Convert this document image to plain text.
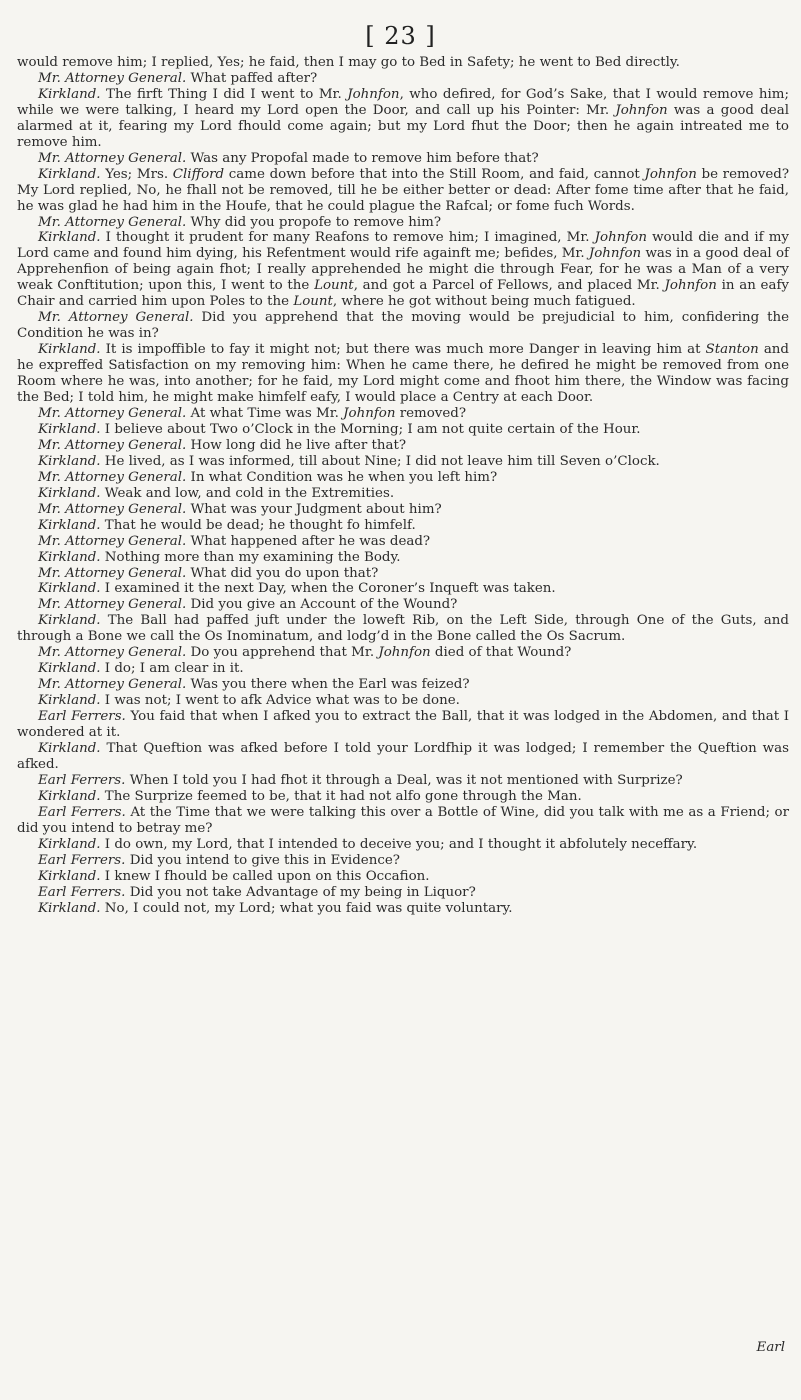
[ 23 ]

would remove him; I replied, Yes; he faid, then I may go to Bed in Safety; he went to Bed directly.

Mr. Attorney General. What paffed after?

Kirkland. The firft Thing I did I went to Mr. Johnfon, who defired, for God’s Sake, that I would remove him; while we were talking, I heard my Lord open the Door, and call up his Pointer: Mr. Johnfon was a good deal alarmed at it, fearing my Lord fhould come again; but my Lord fhut the Door; then he again intreated me to remove him.

Mr. Attorney General. Was any Propofal made to remove him before that?

Kirkland. Yes; Mrs. Clifford came down before that into the Still Room, and faid, cannot Johnfon be removed? My Lord replied, No, he fhall not be removed, till he be either better or dead: After fome time after that he faid, he was glad he had him in the Houfe, that he could plague the Rafcal; or fome fuch Words.

Mr. Attorney General. Why did you propofe to remove him?

Kirkland. I thought it prudent for many Reafons to remove him; I imagined, Mr. Johnfon would die and if my Lord came and found him dying, his Refentment would rife againft me; befides, Mr. Johnfon was in a good deal of Apprehenfion of being again fhot; I really apprehended he might die through Fear, for he was a Man of a very weak Conftitution; upon this, I went to the Lount, and got a Parcel of Fellows, and placed Mr. Johnfon in an eafy Chair and carried him upon Poles to the Lount, where he got without being much fatigued.

Mr. Attorney General. Did you apprehend that the moving would be prejudicial to him, confidering the Condition he was in?

Kirkland. It is impoffible to fay it might not; but there was much more Danger in leaving him at Stanton and he expreffed Satisfaction on my removing him: When he came there, he defired he might be removed from one Room where he was, into another; for he faid, my Lord might come and fhoot him there, the Window was facing the Bed; I told him, he might make himfelf eafy, I would place a Centry at each Door.

Mr. Attorney General. At what Time was Mr. Johnfon removed?

Kirkland. I believe about Two o’Clock in the Morning; I am not quite certain of the Hour.

Mr. Attorney General. How long did he live after that?

Kirkland. He lived, as I was informed, till about Nine; I did not leave him till Seven o’Clock.

Mr. Attorney General. In what Condition was he when you left him?

Kirkland. Weak and low, and cold in the Extremities.

Mr. Attorney General. What was your Judgment about him?

Kirkland. That he would be dead; he thought fo himfelf.

Mr. Attorney General. What happened after he was dead?

Kirkland. Nothing more than my examining the Body.

Mr. Attorney General. What did you do upon that?

Kirkland. I examined it the next Day, when the Coroner’s Inqueft was taken.

Mr. Attorney General. Did you give an Account of the Wound?

Kirkland. The Ball had paffed juft under the loweft Rib, on the Left Side, through One of the Guts, and through a Bone we call the Os Inominatum, and lodg’d in the Bone called the Os Sacrum.

Mr. Attorney General. Do you apprehend that Mr. Johnfon died of that Wound?

Kirkland. I do; I am clear in it.

Mr. Attorney General. Was you there when the Earl was feized?

Kirkland. I was not; I went to afk Advice what was to be done.

Earl Ferrers. You faid that when I afked you to extract the Ball, that it was lodged in the Abdomen, and that I wondered at it.

Kirkland. That Queftion was afked before I told your Lordfhip it was lodged; I remember the Queftion was afked.

Earl Ferrers. When I told you I had fhot it through a Deal, was it not mentioned with Surprize?

Kirkland. The Surprize feemed to be, that it had not alfo gone through the Man.

Earl Ferrers. At the Time that we were talking this over a Bottle of Wine, did you talk with me as a Friend; or did you intend to betray me?

Kirkland. I do own, my Lord, that I intended to deceive you; and I thought it abfolutely neceffary.

Earl Ferrers. Did you intend to give this in Evidence?

Kirkland. I knew I fhould be called upon on this Occafion.

Earl Ferrers. Did you not take Advantage of my being in Liquor?

Kirkland. No, I could not, my Lord; what you faid was quite voluntary.

Earl
